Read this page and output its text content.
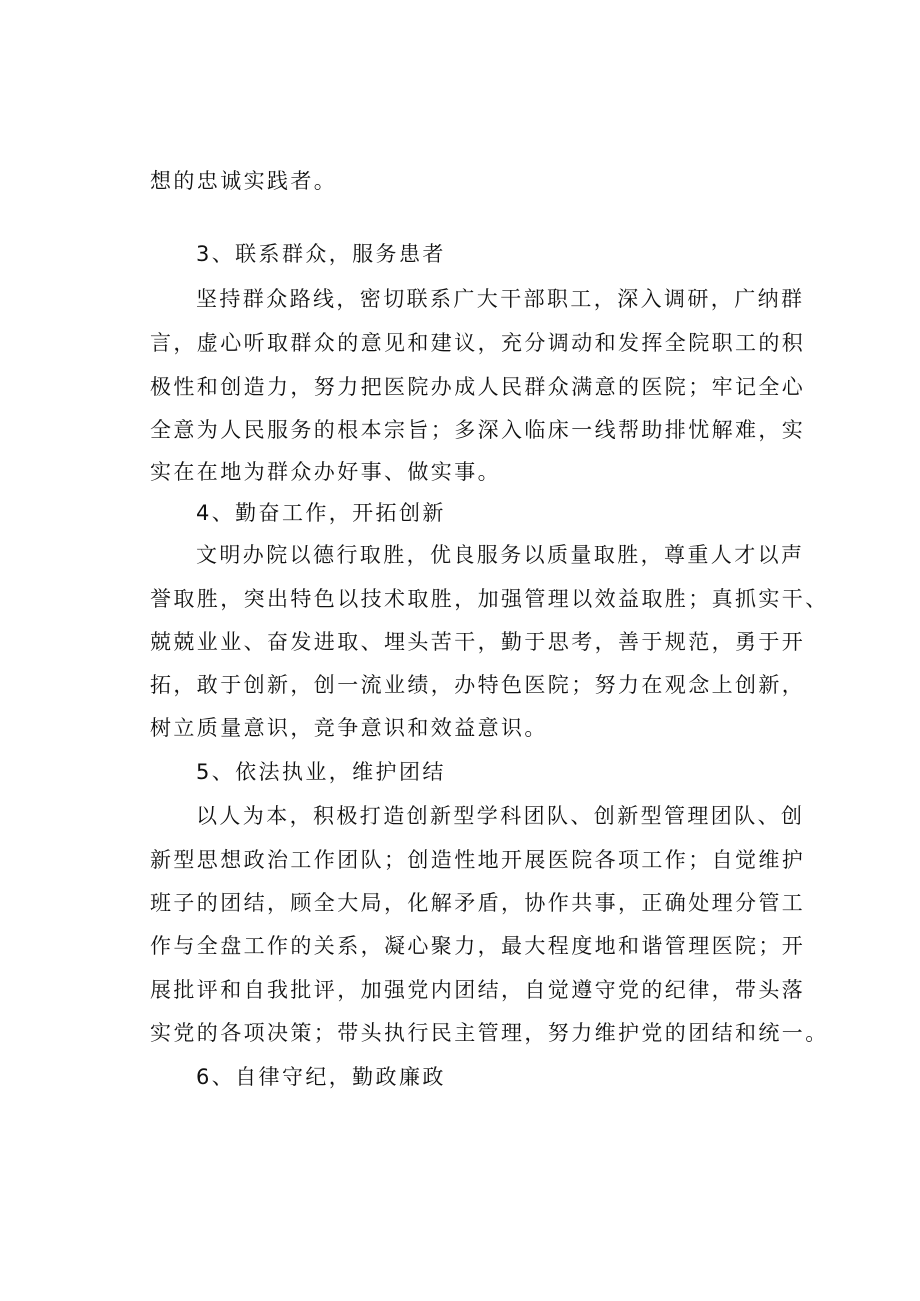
想的忠诚实践者。

3、联系群众，服务患者

坚持群众路线，密切联系广大干部职工，深入调研，广纳群

言，虚心听取群众的意见和建议，充分调动和发挥全院职工的积

极性和创造力，努力把医院办成人民群众满意的医院；牢记全心

全意为人民服务的根本宗旨；多深入临床一线帮助排忧解难，实

实在在地为群众办好事、做实事。

4、勤奋工作，开拓创新

文明办院以德行取胜，优良服务以质量取胜，尊重人才以声

誉取胜，突出特色以技术取胜，加强管理以效益取胜；真抓实干、

兢兢业业、奋发进取、埋头苦干，勤于思考，善于规范，勇于开

拓，敢于创新，创一流业绩，办特色医院；努力在观念上创新，

树立质量意识，竞争意识和效益意识。

5、依法执业，维护团结

以人为本，积极打造创新型学科团队、创新型管理团队、创

新型思想政治工作团队；创造性地开展医院各项工作；自觉维护

班子的团结，顾全大局，化解矛盾，协作共事，正确处理分管工

作与全盘工作的关系，凝心聚力，最大程度地和谐管理医院；开

展批评和自我批评，加强党内团结，自觉遵守党的纪律，带头落

实党的各项决策；带头执行民主管理，努力维护党的团结和统一。

6、自律守纪，勤政廉政
